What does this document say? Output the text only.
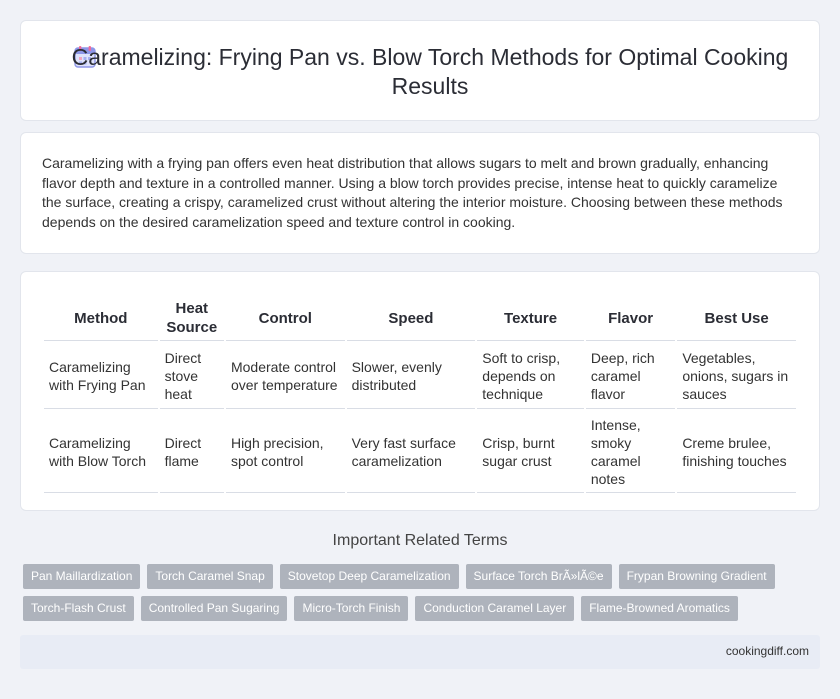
Caramelizing: Frying Pan vs. Blow Torch Methods for Optimal Cooking Results

Caramelizing with a frying pan offers even heat distribution that allows sugars to melt and brown gradually, enhancing flavor depth and texture in a controlled manner. Using a blow torch provides precise, intense heat to quickly caramelize the surface, creating a crispy, caramelized crust without altering the interior moisture. Choosing between these methods depends on the desired caramelization speed and texture control in cooking.

Method	Heat Source	Control	Speed	Texture	Flavor	Best Use
Caramelizing with Frying Pan	Direct stove heat	Moderate control over temperature	Slower, evenly distributed	Soft to crisp, depends on technique	Deep, rich caramel flavor	Vegetables, onions, sugars in sauces
Caramelizing with Blow Torch	Direct flame	High precision, spot control	Very fast surface caramelization	Crisp, burnt sugar crust	Intense, smoky caramel notes	Creme brulee, finishing touches
Important Related Terms
Pan Maillardization	Torch Caramel Snap	Stovetop Deep Caramelization	Surface Torch BrÃ»lÃ©e	Frypan Browning Gradient
Torch-Flash Crust	Controlled Pan Sugaring	Micro-Torch Finish	Conduction Caramel Layer	Flame-Browned Aromatics
cookingdiff.com
